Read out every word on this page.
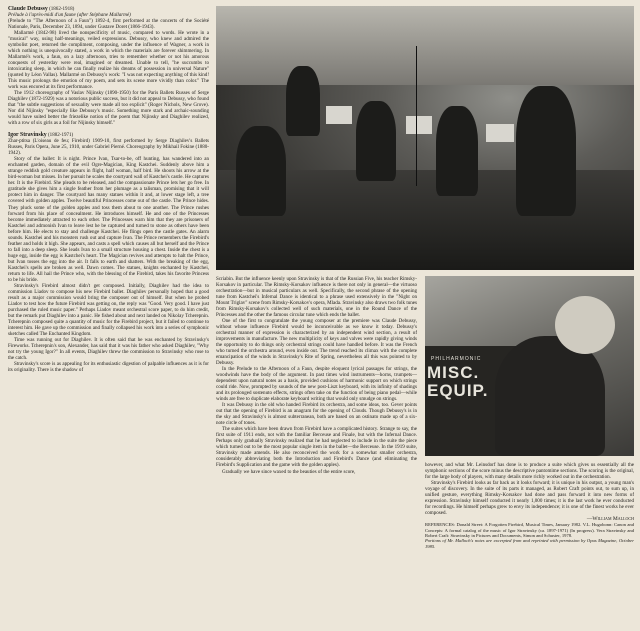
Claude Debussy (1862-1918)

Prélude à l'après-midi d'un faune (after Stéphane Mallarmé)

(Prelude to "The Afternoon of a Faun") 1892-4, first performed at the concerts of the Société Nationale, Paris, December 23, 1894, under Gustave Doret (1866-1943).

Mallarmé (1842-98) lived the nonspecificity of music, compared to words. He wrote in a "musical" way, using half-meanings, veiled expressions. Debussy, who knew and admired the symbolist poet, returned the compliment, composing, under the influence of Wagner, a work in which nothing is unequivocally stated, a work in which the materials are forever shimmering. In Mallarmé's work, a faun, on a lazy afternoon, tries to remember whether or not his amorous conquests of yesterday were real, imagined or dreamed. Unable to tell, "he succumbs to intoxicating sleep, in which he can finally realize his dreams of possession in universal Nature" (quoted by Léon Vallas). Mallarmé on Debussy's work: "I was not expecting anything of this kind! This music prolongs the emotion of my poem, and sets its scene more vividly than color." The work was encored at its first performance.

The 1912 choreography of Vaslav Nijinsky (1890-1950) for the Paris Ballets Russes of Serge Diaghilev (1872-1929) was a notorious public success, but it did not appeal to Debussy, who found that "the subtle suggestions of sexuality were made all too explicit" (Roger Nichols, New Grove). Nor did Nijinsky "especially like Debussy's music. Something more stark and archaic-sounding would have suited better the friezelike notion of the poem that Nijinsky and Diaghilev realized, with a row of six girls as a foil for Nijinsky himself."

Igor Stravinsky (1882-1971)

Zhar-ptitsa (L'oiseau de feu; Firebird) 1909-10, first performed by Serge Diaghilev's Ballets Russes, Paris Opera, June 25, 1910, under Gabriel Pierné. Choreography by Mikhail Fokine (1880-1942).

Story of the ballet: It is night. Prince Ivan, Tsar-to-be, off hunting, has wandered into an enchanted garden, domain of the evil Ogre-Magician, King Kastchei. Suddenly above him a strange reddish gold creature appears in flight, half woman, half bird. He shoots his arrow at the bird-woman but misses. In her pursuit he scales the courtyard wall of Kastchei's castle. He captures her. It is the Firebird. She pleads to be released, and the compassionate Prince lets her go free. In gratitude she gives him a single feather from her plumage as a talisman, promising that it will protect him in danger. The courtyard has many statues within it and, at lower stage left, a tree covered with golden apples. Twelve beautiful Princesses come out of the castle. The Prince hides. They pluck some of the golden apples and toss them about to one another. The Prince rushes forward from his place of concealment. He introduces himself. He and one of the Princesses become immediately attracted to each other. The Princesses warn him that they are prisoners of Kastchei and admonish Ivan to leave lest he be captured and turned to stone as others have been before him. He elects to stay and challenge Kastchei. He flings open the castle gates. An alarm sounds. Kastchei and his monsters rush out and capture Ivan. The Prince remembers the Firebird's feather and holds it high. She appears, and casts a spell which causes all but herself and the Prince to fall into a deep sleep. She leads Ivan to a small structure housing a chest. Inside the chest is a huge egg, inside the egg is Kastchei's heart. The Magician revives and attempts to halt the Prince, but Ivan tosses the egg into the air. It falls to earth and shatters. With the breaking of the egg, Kastchei's spells are broken as well. Dawn comes. The statues, knights enchanted by Kastchei, return to life. All hail the Prince who, with the blessing of the Firebird, takes his favorite Princess to be his bride.

Stravinsky's Firebird almost didn't get composed. Initially, Diaghilev had the idea to commission Liadov to compose his new Firebird ballet. Diaghilev personally hoped that a good result as a major commission would bring the composer out of himself. But when he probed Liadov to test how the future Firebird was getting on, the reply was "Good. Very good. I have just purchased the ruled music paper." Perhaps Liadov meant orchestral score paper, to do him credit, but the remark put Diaghilev into a panic. He fished about and next landed on Nikolay Tcherepnin. Tcherepnin composed quite a quantity of music for the Firebird project, but it failed to continue to interest him. He gave up the commission and finally collapsed his work into a series of symphonic sketches called The Enchanted Kingdom.

Time was running out for Diaghilev. It is often said that he was enchanted by Stravinsky's Fireworks. Tcherepnin's son, Alexander, has said that it was his father who asked Diaghilev, "Why not try the young Igor?" In all events, Diaghilev threw the commission to Stravinsky who rose to the catch.

Stravinsky's score is as appealing for its enthusiastic digestion of palpable influences as it is for its originality. There is the shadow of

Scriabin. But the influence keenly upon Stravinsky is that of the Russian Five, his teacher Rimsky-Korsakov in particular. The Rimsky-Korsakov influence is there not only in general—the virtuoso orchestration—but in musical particulars as well. Specifically, the second phrase of the opening tune from Kastchei's Infernal Dance is identical to a phrase used extensively in the "Night on Mount Triglav" scene from Rimsky-Korsakov's opera, Mlada. Stravinsky also draws two folk tunes from Rimsky-Korsakov's collected well of such materials, one in the Round Dance of the Princesses and the other the famous circular tune which ends the ballet.

One of the first to congratulate the young composer at the premiere was Claude Debussy, without whose influence Firebird would be inconceivable as we know it today. Debussy's orchestral manner of expression is characterized by an independent wind section, a result of improvements in manufacture. The new multiplicity of keys and valves were rapidly giving winds the opportunity to do things only orchestral strings could have handled before. It was the French who turned the orchestra around, even inside out. The trend reached its climax with the complete emancipation of the winds in Stravinsky's Rite of Spring, nevertheless all this was pointed to by Debussy.

In the Prelude to the Afternoon of a Faun, despite eloquent lyrical passages for strings, the woodwinds have the body of the argument. In past times wind instruments—horns, trumpets—dependent upon natural notes as a basis, provided cushions of harmonic support on which strings could ride. Now, prompted by sounds of the new post-Liszt keyboard, with its infinity of shadings and its prolonged sostenuto effects, strings often take on the function of being piano pedal—while winds are free to duplicate elaborate keyboard writing that would only smudge on strings.

It was Debussy in the old who handed Firebird its orchestra, and some ideas, too. Gever points out that the opening of Firebird is an anagram for the opening of Clouds. Though Debussy's is in the sky and Stravinsky's is almost subterranean, both are based on an ostinato made up of a six-note circle of tones.

The suites which have been drawn from Firebird have a complicated history. Strange to say, the first suite of 1911 ends, not with the familiar Berceuse and Finale, but with the Infernal Dance. Perhaps only gradually Stravinsky realized that he had neglected to include in the suite the piece which turned out to be the most popular single item in the ballet—the Berceuse. In the 1919 suite, Stravinsky made amends. He also reconceived the work for a somewhat smaller orchestra, considerably abbreviating both the Introduction and Firebird's Dance (and eliminating the Firebird's Supplication and the game with the golden apples).

Gradually we have since waxed to the beauties of the entire score,

PHILHARMONIC
MISC. EQUIP.

however, and what Mr. Leinsdorf has done is to produce a suite which gives us essentially all the symphonic sections of the score minus the descriptive pantomime sections. The scoring is the original, for the large body of players, with many details more richly worked out in the orchestration.

Stravinsky's Firebird looks as far back as it looks forward; it is unique in his output, a young man's voyage of discovery. In the suite of its parts it managed, as Robert Craft points out, to sum up, in unified gesture, everything Rimsky-Korsakov had done and pass forward it into new forms of expression. Stravinsky himself conducted it nearly 1,000 times; it is the last work he ever conducted for recordings. He himself perhaps grew to envy its independence; it is one of the finest works he ever composed.

—William Malloch

REFERENCES: Donald Street: A Forgotten Firebird, Musical Times, January 1982. V.L. Hugobonn: Canon and Concepts: A formal catalog of the music of Igor Stravinsky (ca. 1897-1971) (In progress). Vera Stravinsky and Robert Craft: Stravinsky in Pictures and Documents, Simon and Schuster, 1978.

Portions of Mr. Malloch's notes are excerpted from and reprinted with permission by Opus Magazine, October 1985.
